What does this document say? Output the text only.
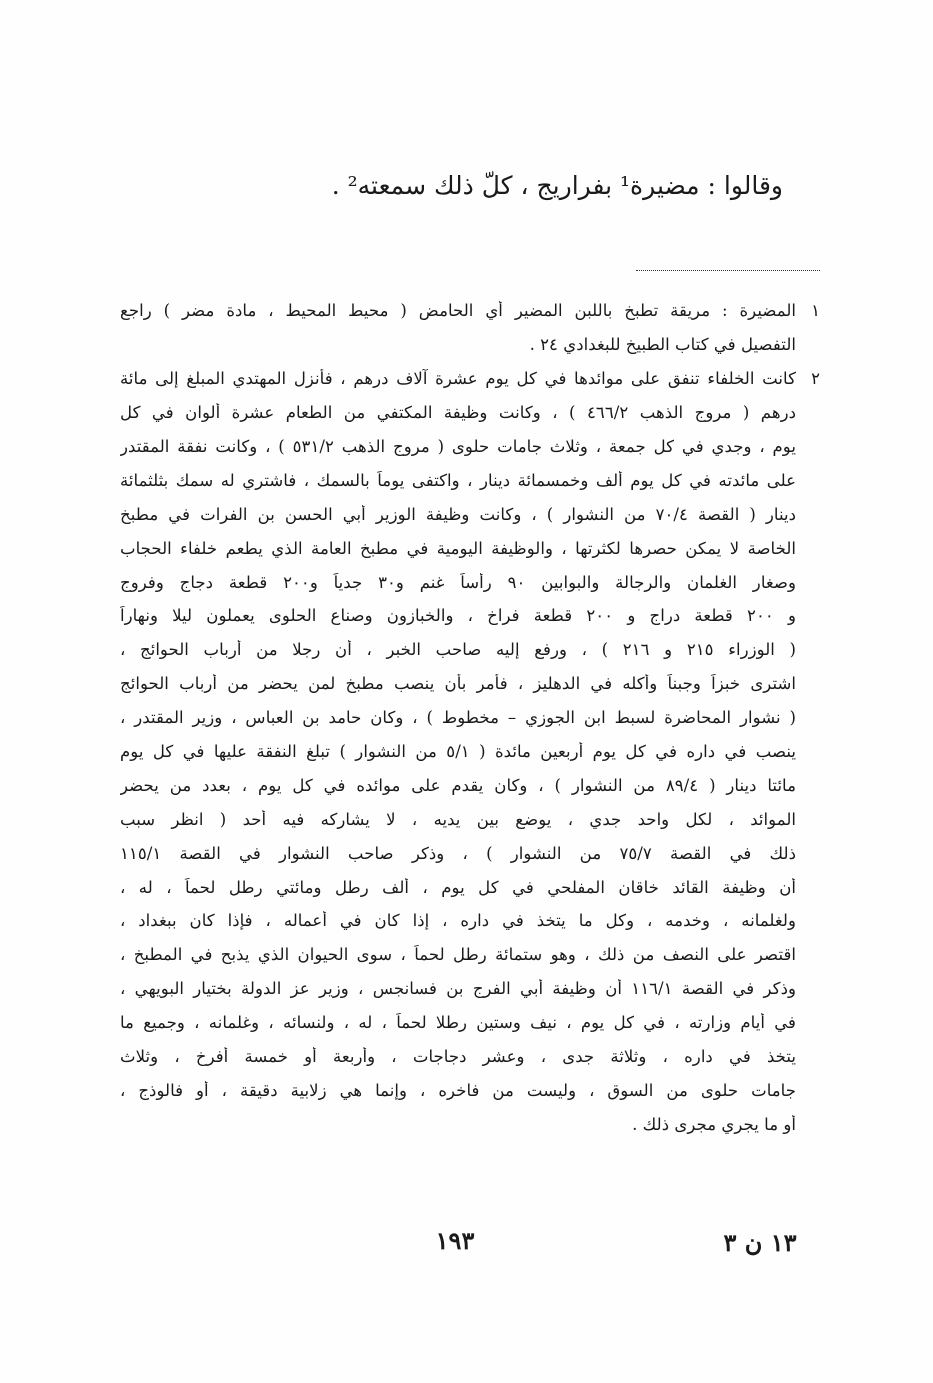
وقالوا : مضيرة¹ بفراريج ، كلّ ذلك سمعته² .
١
المضيرة : مريقة تطبخ باللبن المضير أي الحامض ( محيط المحيط ، مادة مضر ) راجع
التفصيل في كتاب الطبيخ للبغدادي ٢٤ .
٢
كانت الخلفاء تنفق على موائدها في كل يوم عشرة آلاف درهم ، فأنزل المهتدي المبلغ إلى مائة
درهم ( مروج الذهب ٤٦٦/٢ ) ، وكانت وظيفة المكتفي من الطعام عشرة ألوان في كل
يوم ، وجدي في كل جمعة ، وثلاث جامات حلوى ( مروج الذهب ٥٣١/٢ ) ، وكانت نفقة المقتدر
على مائدته في كل يوم ألف وخمسمائة دينار ، واكتفى يوماً بالسمك ، فاشتري له سمك بثلثمائة
دينار ( القصة ٧٠/٤ من النشوار ) ، وكانت وظيفة الوزير أبي الحسن بن الفرات في مطبخ
الخاصة لا يمكن حصرها لكثرتها ، والوظيفة اليومية في مطبخ العامة الذي يطعم خلفاء الحجاب
وصغار الغلمان والرجالة والبوابين ٩٠ رأساً غنم و٣٠ جدياً و٢٠٠ قطعة دجاج وفروج
و ٢٠٠ قطعة دراج و ٢٠٠ قطعة فراخ ، والخبازون وصناع الحلوى يعملون ليلا ونهاراً
( الوزراء ٢١٥ و ٢١٦ ) ، ورفع إليه صاحب الخبر ، أن رجلا من أرباب الحوائج ،
اشترى خبزاً وجبناً وأكله في الدهليز ، فأمر بأن ينصب مطبخ لمن يحضر من أرباب الحوائج
( نشوار المحاضرة لسبط ابن الجوزي – مخطوط ) ، وكان حامد بن العباس ، وزير المقتدر ،
ينصب في داره في كل يوم أربعين مائدة ( ٥/١ من النشوار ) تبلغ النفقة عليها في كل يوم
مائتا دينار ( ٨٩/٤ من النشوار ) ، وكان يقدم على موائده في كل يوم ، بعدد من يحضر
الموائد ، لكل واحد جدي ، يوضع بين يديه ، لا يشاركه فيه أحد ( انظر سبب
ذلك في القصة ٧٥/٧ من النشوار ) ، وذكر صاحب النشوار في القصة ١١٥/١
أن وظيفة القائد خاقان المفلحي في كل يوم ، ألف رطل ومائتي رطل لحماً ، له ،
ولغلمانه ، وخدمه ، وكل ما يتخذ في داره ، إذا كان في أعماله ، فإذا كان ببغداد ،
اقتصر على النصف من ذلك ، وهو ستمائة رطل لحماً ، سوى الحيوان الذي يذبح في المطبخ ،
وذكر في القصة ١١٦/١ أن وظيفة أبي الفرج بن فسانجس ، وزير عز الدولة بختيار البويهي ،
في أيام وزارته ، في كل يوم ، نيف وستين رطلا لحماً ، له ، ولنسائه ، وغلمانه ، وجميع ما
يتخذ في داره ، وثلاثة جدى ، وعشر دجاجات ، وأربعة أو خمسة أفرخ ، وثلاث
جامات حلوى من السوق ، وليست من فاخره ، وإنما هي زلابية دقيقة ، أو فالوذج ،
أو ما يجري مجرى ذلك .
١٩٣	١٣ ن ٣
